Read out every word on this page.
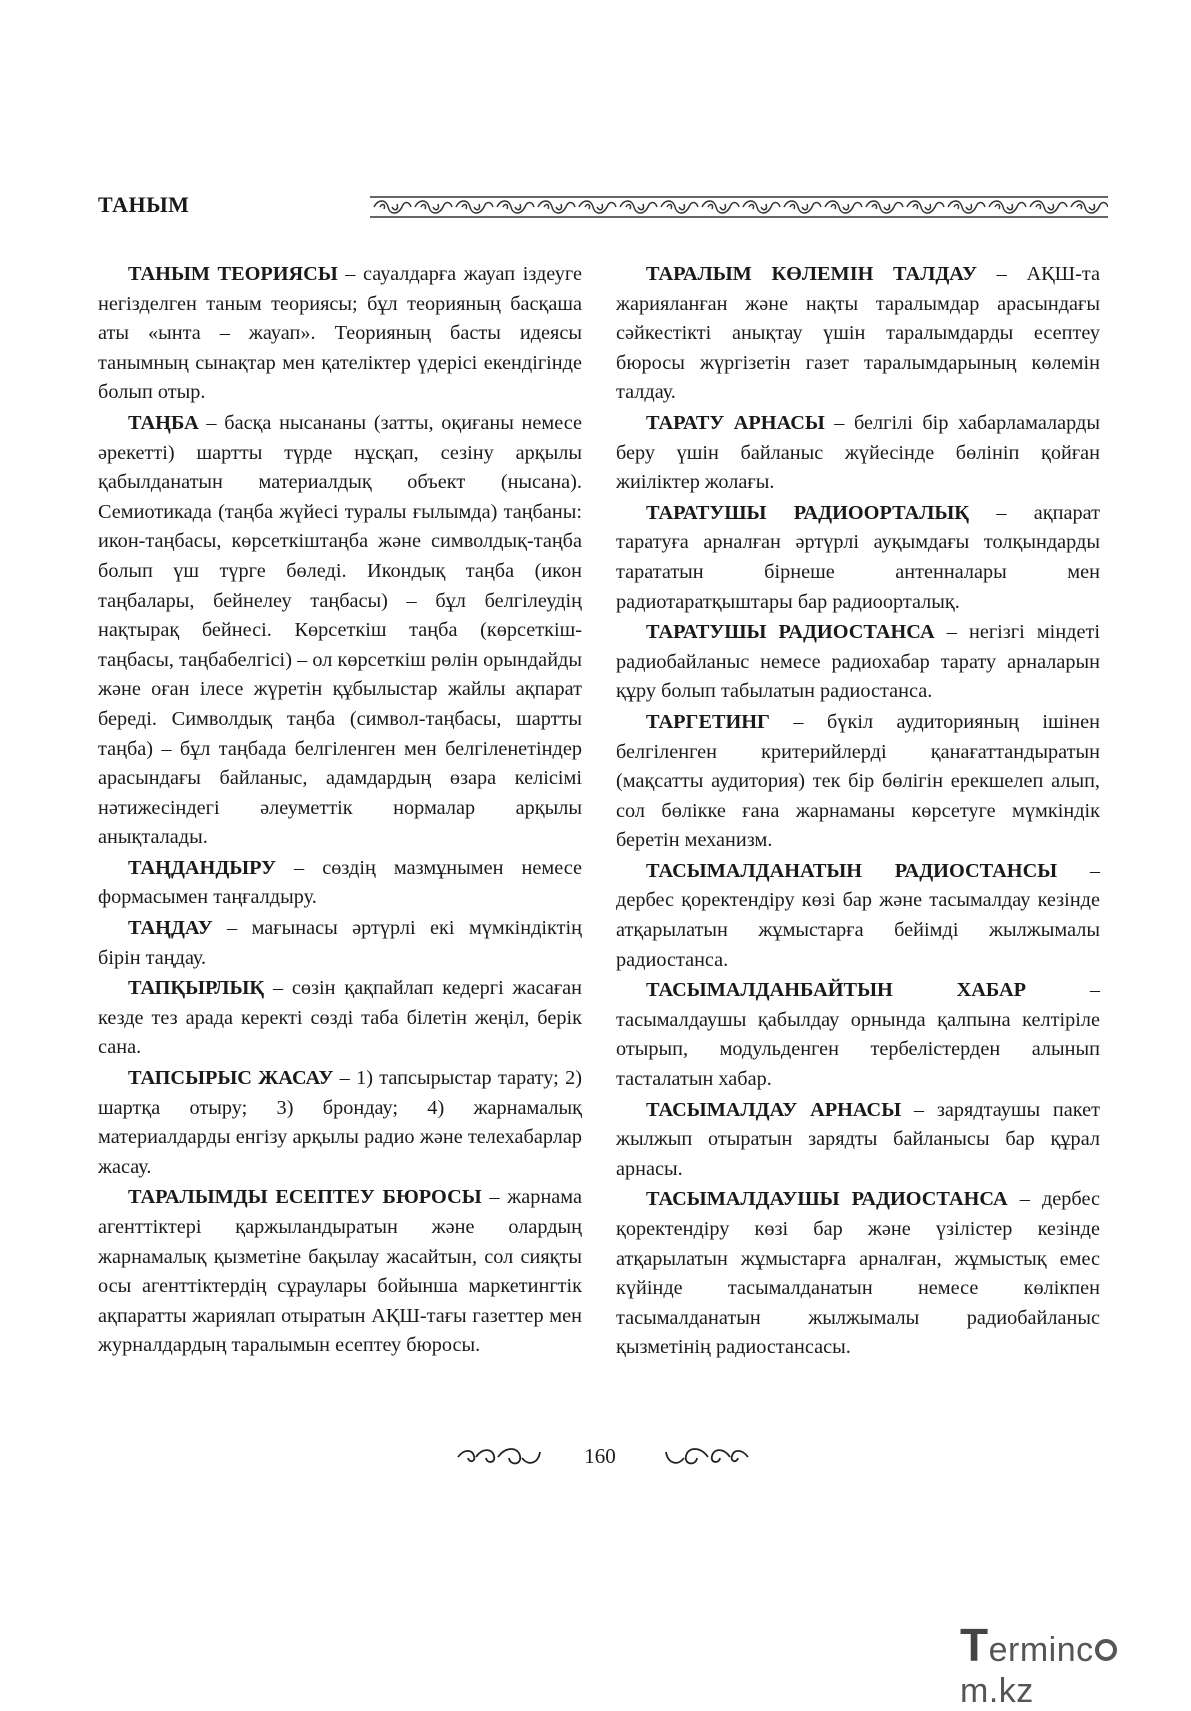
ТАНЫМ

ТАНЫМ ТЕОРИЯСЫ – сауалдарға жауап іздеуге негізделген таным теориясы; бұл теорияның басқаша аты «ынта – жауап». Теорияның басты идеясы танымның сынақтар мен қателіктер үдерісі екендігінде болып отыр.

ТАҢБА – басқа нысананы (затты, оқиғаны немесе әрекетті) шартты түрде нұсқап, сезіну арқылы қабылданатын материалдық объект (нысана). Семиотикада (таңба жүйесі туралы ғылымда) таңбаны: икон-таңбасы, көрсеткіштаңба және символдық-таңба болып үш түрге бөледі. Икондық таңба (икон таңбалары, бейнелеу таңбасы) – бұл белгілеудің нақтырақ бейнесі. Көрсеткіш таңба (көрсеткіш-таңбасы, таңбабелгісі) – ол көрсеткіш рөлін орындайды және оған ілесе жүретін құбылыстар жайлы ақпарат береді. Символдық таңба (символ-таңбасы, шартты таңба) – бұл таңбада белгіленген мен белгіленетіндер арасындағы байланыс, адамдардың өзара келісімі нәтижесіндегі әлеуметтік нормалар арқылы анықталады.

ТАҢДАНДЫРУ – сөздің мазмұнымен немесе формасымен таңғалдыру.

ТАҢДАУ – мағынасы әртүрлі екі мүмкіндіктің бірін таңдау.

ТАПҚЫРЛЫҚ – сөзін қақпайлап кедергі жасаған кезде тез арада керекті сөзді таба білетін жеңіл, берік сана.

ТАПСЫРЫС ЖАСАУ – 1) тапсырыстар тарату; 2) шартқа отыру; 3) брондау; 4) жарнамалық материалдарды енгізу арқылы радио және телехабарлар жасау.

ТАРАЛЫМДЫ ЕСЕПТЕУ БЮРОСЫ – жарнама агенттіктері қаржыландыратын және олардың жарнамалық қызметіне бақылау жасайтын, сол сияқты осы агенттіктердің сұраулары бойынша маркетингтік ақпаратты жариялап отыратын АҚШ-тағы газеттер мен журналдардың таралымын есептеу бюросы.

ТАРАЛЫМ КӨЛЕМІН ТАЛДАУ – АҚШ-та жарияланған және нақты таралымдар арасындағы сәйкестікті анықтау үшін таралымдарды есептеу бюросы жүргізетін газет таралымдарының көлемін талдау.

ТАРАТУ АРНАСЫ – белгілі бір хабарламаларды беру үшін байланыс жүйесінде бөлініп қойған жиіліктер жолағы.

ТАРАТУШЫ РАДИООРТАЛЫҚ – ақпарат таратуға арналған әртүрлі ауқымдағы толқындарды тарататын бірнеше антенналары мен радиотаратқыштары бар радиоорталық.

ТАРАТУШЫ РАДИОСТАНСА – негізгі міндеті радиобайланыс немесе радиохабар тарату арналарын құру болып табылатын радиостанса.

ТАРГЕТИНГ – бүкіл аудиторияның ішінен белгіленген критерийлерді қанағаттандыратын (мақсатты аудитория) тек бір бөлігін ерекшелеп алып, сол бөлікке ғана жарнаманы көрсетуге мүмкіндік беретін механизм.

ТАСЫМАЛДАНАТЫН РАДИОСТАНСЫ – дербес қоректендіру көзі бар және тасымалдау кезінде атқарылатын жұмыстарға бейімді жылжымалы радиостанса.

ТАСЫМАЛДАНБАЙТЫН ХАБАР – тасымалдаушы қабылдау орнында қалпына келтіріле отырып, модульденген тербелістерден алынып тасталатын хабар.

ТАСЫМАЛДАУ АРНАСЫ – зарядтаушы пакет жылжып отыратын зарядты байланысы бар құрал арнасы.

ТАСЫМАЛДАУШЫ РАДИОСТАНСА – дербес қоректендіру көзі бар және үзілістер кезінде атқарылатын жұмыстарға арналған, жұмыстық емес күйінде тасымалданатын немесе көлікпен тасымалданатын жылжымалы радиобайланыс қызметінің радиостансасы.

160
Termincm.kz
